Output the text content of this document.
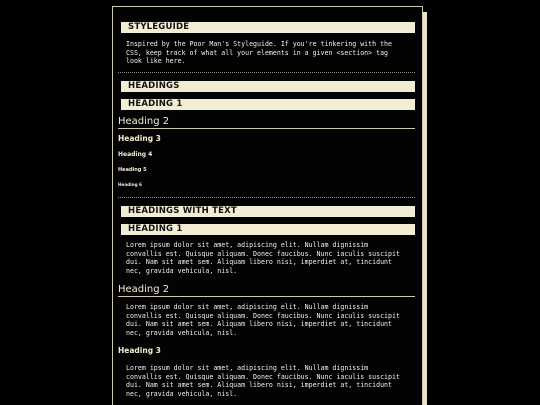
STYLEGUIDE
Inspired by the Poor Man's Styleguide. If you're tinkering with the
CSS, keep track of what all your elements in a given <section> tag
look like here.
HEADINGS
HEADING 1
Heading 2
Heading 3
Heading 4
Heading 5
Heading 6
HEADINGS WITH TEXT
HEADING 1
Lorem ipsum dolor sit amet, adipiscing elit. Nullam dignissim
convallis est. Quisque aliquam. Donec faucibus. Nunc iaculis suscipit
dui. Nam sit amet sem. Aliquam libero nisi, imperdiet at, tincidunt
nec, gravida vehicula, nisl.
Heading 2
Lorem ipsum dolor sit amet, adipiscing elit. Nullam dignissim
convallis est. Quisque aliquam. Donec faucibus. Nunc iaculis suscipit
dui. Nam sit amet sem. Aliquam libero nisi, imperdiet at, tincidunt
nec, gravida vehicula, nisl.
Heading 3
Lorem ipsum dolor sit amet, adipiscing elit. Nullam dignissim
convallis est. Quisque aliquam. Donec faucibus. Nunc iaculis suscipit
dui. Nam sit amet sem. Aliquam libero nisi, imperdiet at, tincidunt
nec, gravida vehicula, nisl.
